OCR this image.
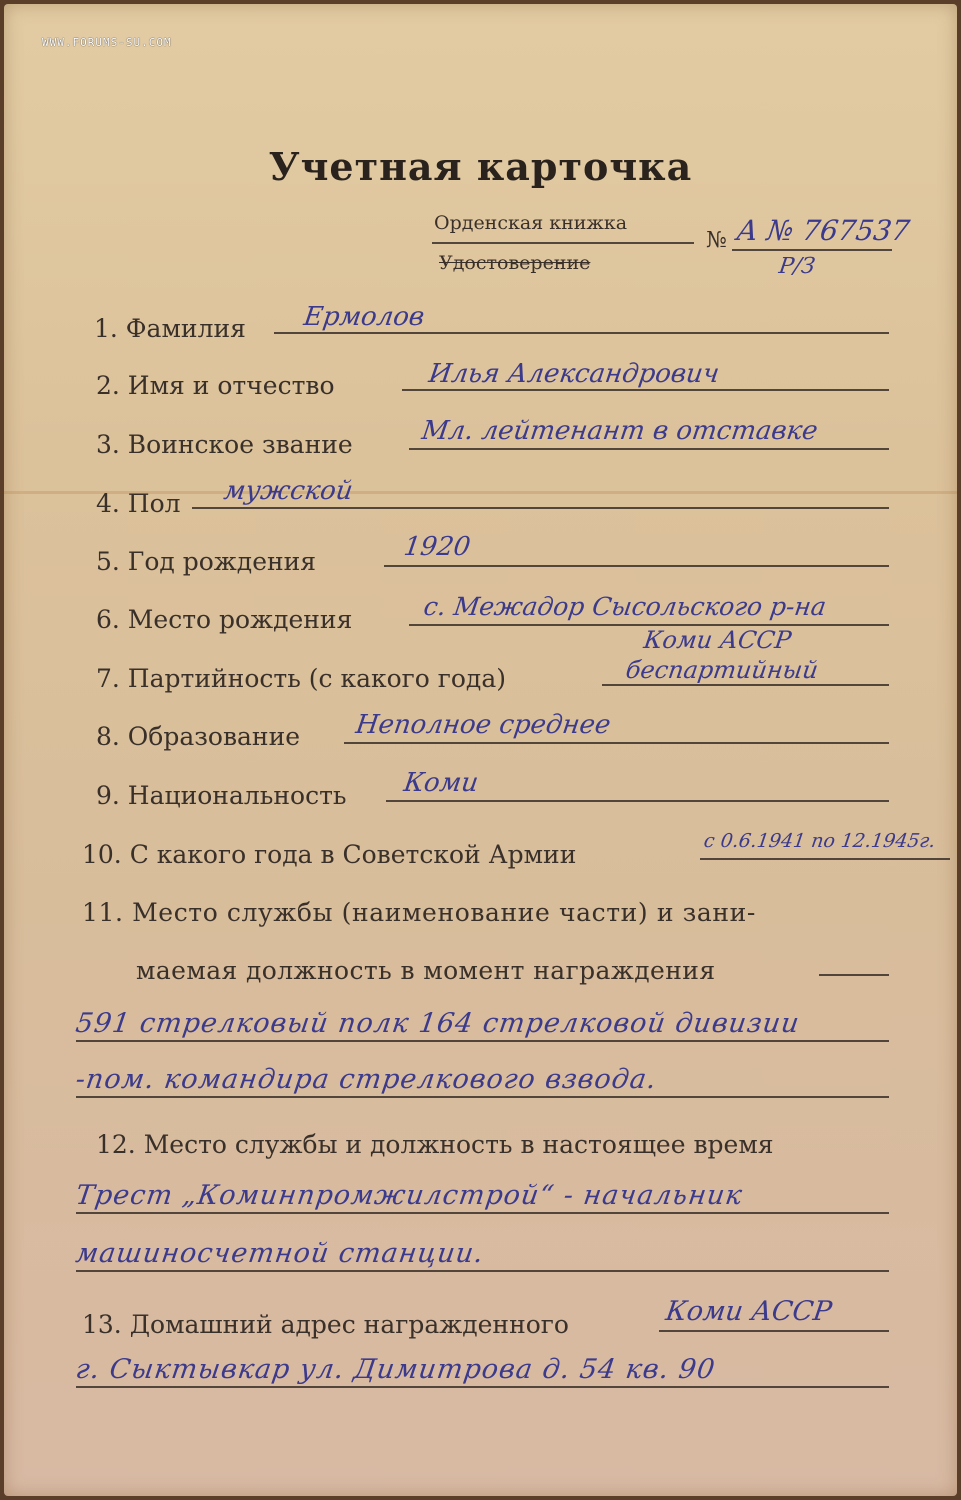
WWW.FORUMS-SU.COM
Учетная карточка
Орденская книжка
Удостоверение
№ А № 767537
Р/З
1. Фамилия Ермолов
2. Имя и отчество	Илья Александрович
3. Воинское звание	Мл. лейтенант в отставке
4. Пол мужской
5. Год рождения	1920
6. Место рождения	с. Межадор Сысольского р-на
Коми АССР
7. Партийность (с какого года)	беспартийный
8. Образование Неполное среднее
9. Национальность Коми
10. С какого года в Советской Армии	с 0.6.1941 по 12.1945г.
11. Место службы (наименование части) и зани-
маемая должность в момент награждения
591 стрелковый полк 164 стрелковой дивизии
-пом. командира стрелкового взвода.
12. Место службы и должность в настоящее время
Трест „Коминпромжилстрой“ - начальник
машиносчетной станции.
13. Домашний адрес награжденного	Коми АССР
г. Сыктывкар ул. Димитрова д. 54 кв. 90
